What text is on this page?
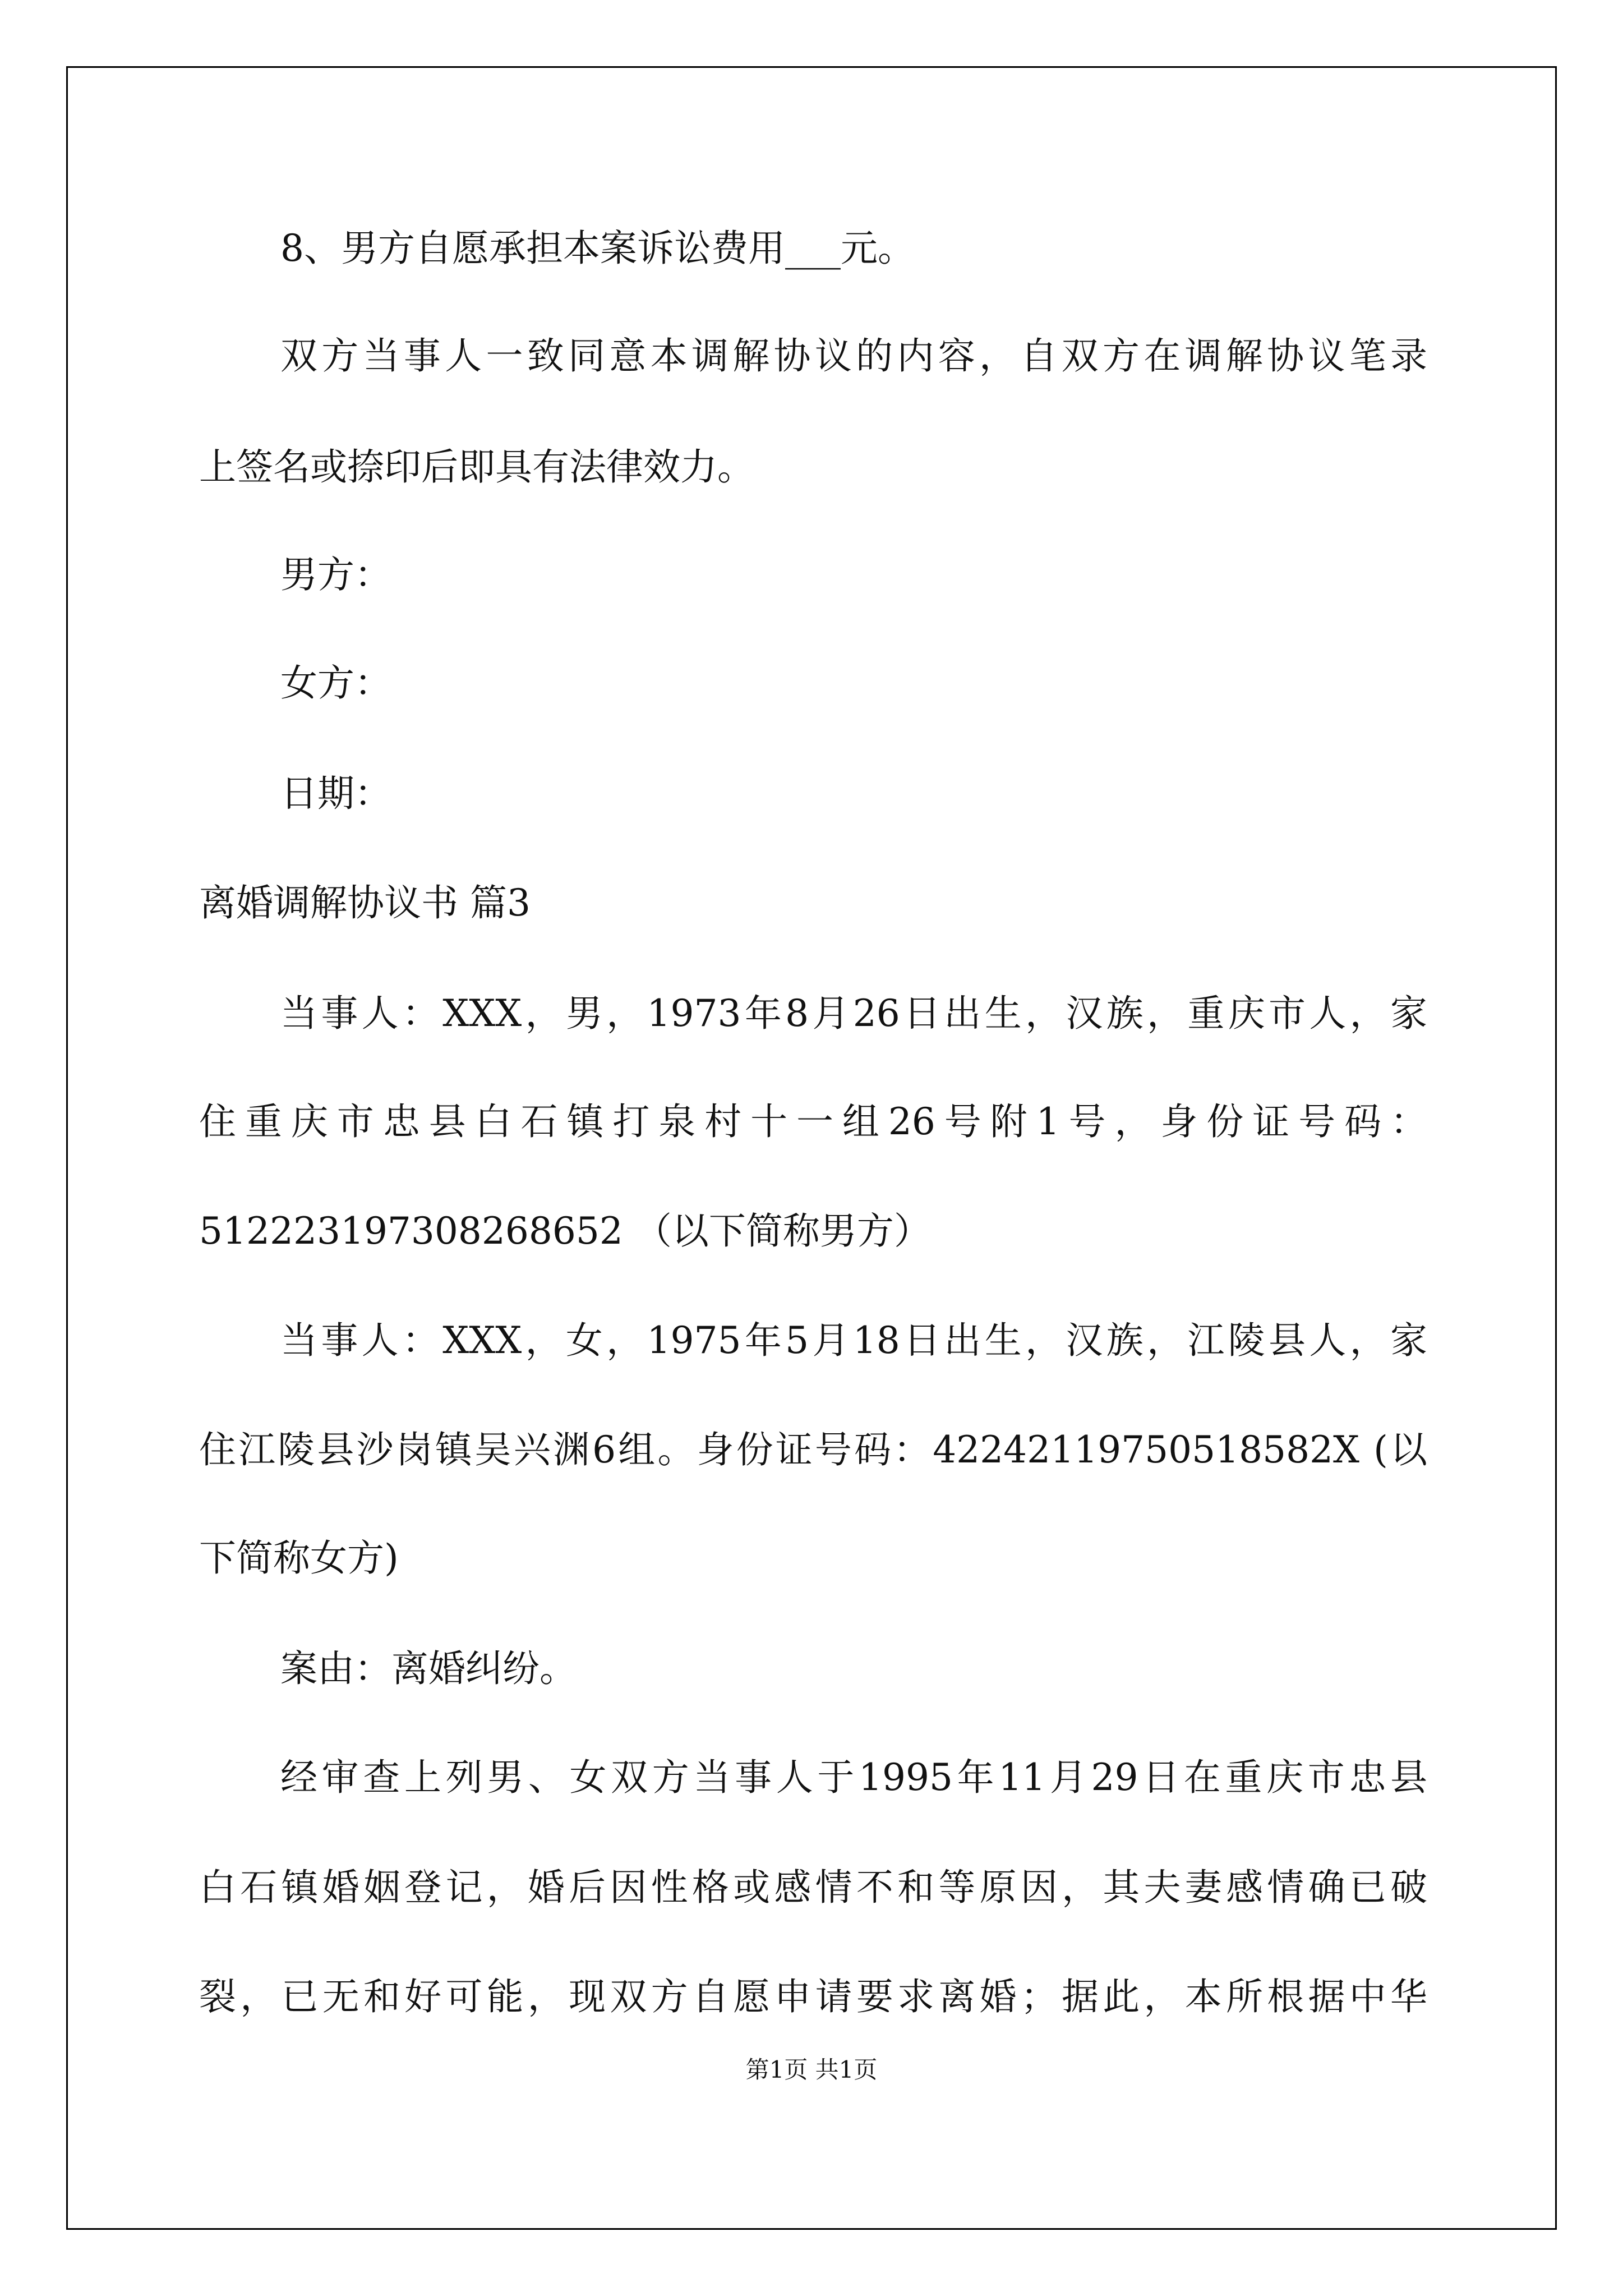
8、男方自愿承担本案诉讼费用___元。
双方当事人一致同意本调解协议的内容，自双方在调解协议笔录
上签名或捺印后即具有法律效力。
男方：
女方：
日期：
离婚调解协议书 篇3
当事人：XXX，男，1973年8月26日出生，汉族，重庆市人，家
住重庆市忠县白石镇打泉村十一组26号附1号，身份证号码：
512223197308268652 （以下简称男方）
当事人：XXX，女，1975年5月18日出生，汉族，江陵县人，家
住江陵县沙岗镇吴兴渊6组。身份证号码：42242119750518582X (以
下简称女方)
案由：离婚纠纷。
经审查上列男、女双方当事人于1995年11月29日在重庆市忠县
白石镇婚姻登记，婚后因性格或感情不和等原因，其夫妻感情确已破
裂，已无和好可能，现双方自愿申请要求离婚；据此，本所根据中华
第1页 共1页
